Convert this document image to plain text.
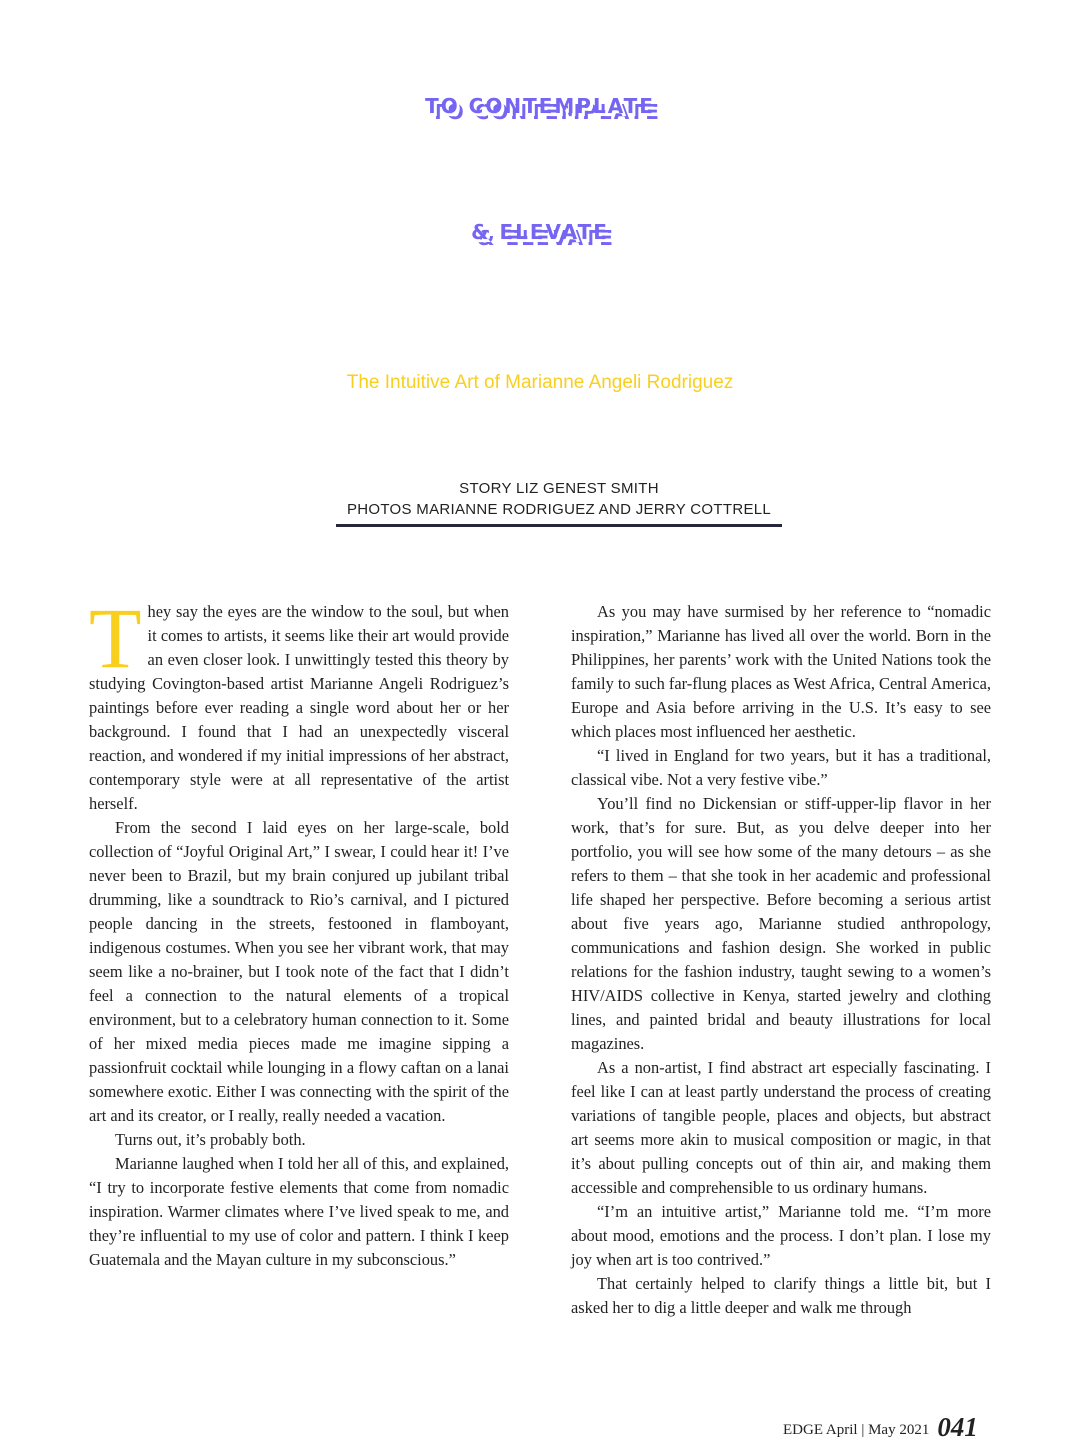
TO CONTEMPLATE
& ELEVATE
The Intuitive Art of Marianne Angeli Rodriguez
STORY LIZ GENEST SMITH
PHOTOS MARIANNE RODRIGUEZ AND JERRY COTTRELL

They say the eyes are the window to the soul, but when it comes to artists, it seems like their art would provide an even closer look. I unwittingly tested this theory by studying Covington-based artist Marianne Angeli Rodriguez’s paintings before ever reading a single word about her or her background. I found that I had an unexpectedly visceral reaction, and wondered if my initial impressions of her abstract, contemporary style were at all representative of the artist herself.

From the second I laid eyes on her large-scale, bold collection of “Joyful Original Art,” I swear, I could hear it! I’ve never been to Brazil, but my brain conjured up jubilant tribal drumming, like a soundtrack to Rio’s carnival, and I pictured people dancing in the streets, festooned in flamboyant, indigenous costumes. When you see her vibrant work, that may seem like a no-brainer, but I took note of the fact that I didn’t feel a connection to the natural elements of a tropical environment, but to a celebratory human connection to it. Some of her mixed media pieces made me imagine sipping a passionfruit cocktail while lounging in a flowy caftan on a lanai somewhere exotic. Either I was connecting with the spirit of the art and its creator, or I really, really needed a vacation.

Turns out, it’s probably both.

Marianne laughed when I told her all of this, and explained, “I try to incorporate festive elements that come from nomadic inspiration. Warmer climates where I’ve lived speak to me, and they’re influential to my use of color and pattern. I think I keep Guatemala and the Mayan culture in my subconscious.”

As you may have surmised by her reference to “nomadic inspiration,” Marianne has lived all over the world. Born in the Philippines, her parents’ work with the United Nations took the family to such far-flung places as West Africa, Central America, Europe and Asia before arriving in the U.S. It’s easy to see which places most influenced her aesthetic.

“I lived in England for two years, but it has a traditional, classical vibe. Not a very festive vibe.”

You’ll find no Dickensian or stiff-upper-lip flavor in her work, that’s for sure. But, as you delve deeper into her portfolio, you will see how some of the many detours – as she refers to them – that she took in her academic and professional life shaped her perspective. Before becoming a serious artist about five years ago, Marianne studied anthropology, communications and fashion design. She worked in public relations for the fashion industry, taught sewing to a women’s HIV/AIDS collective in Kenya, started jewelry and clothing lines, and painted bridal and beauty illustrations for local magazines.

As a non-artist, I find abstract art especially fascinating. I feel like I can at least partly understand the process of creating variations of tangible people, places and objects, but abstract art seems more akin to musical composition or magic, in that it’s about pulling concepts out of thin air, and making them accessible and comprehensible to us ordinary humans.

“I’m an intuitive artist,” Marianne told me. “I’m more about mood, emotions and the process. I don’t plan. I lose my joy when art is too contrived.”

That certainly helped to clarify things a little bit, but I asked her to dig a little deeper and walk me through

EDGE April | May 2021 041
